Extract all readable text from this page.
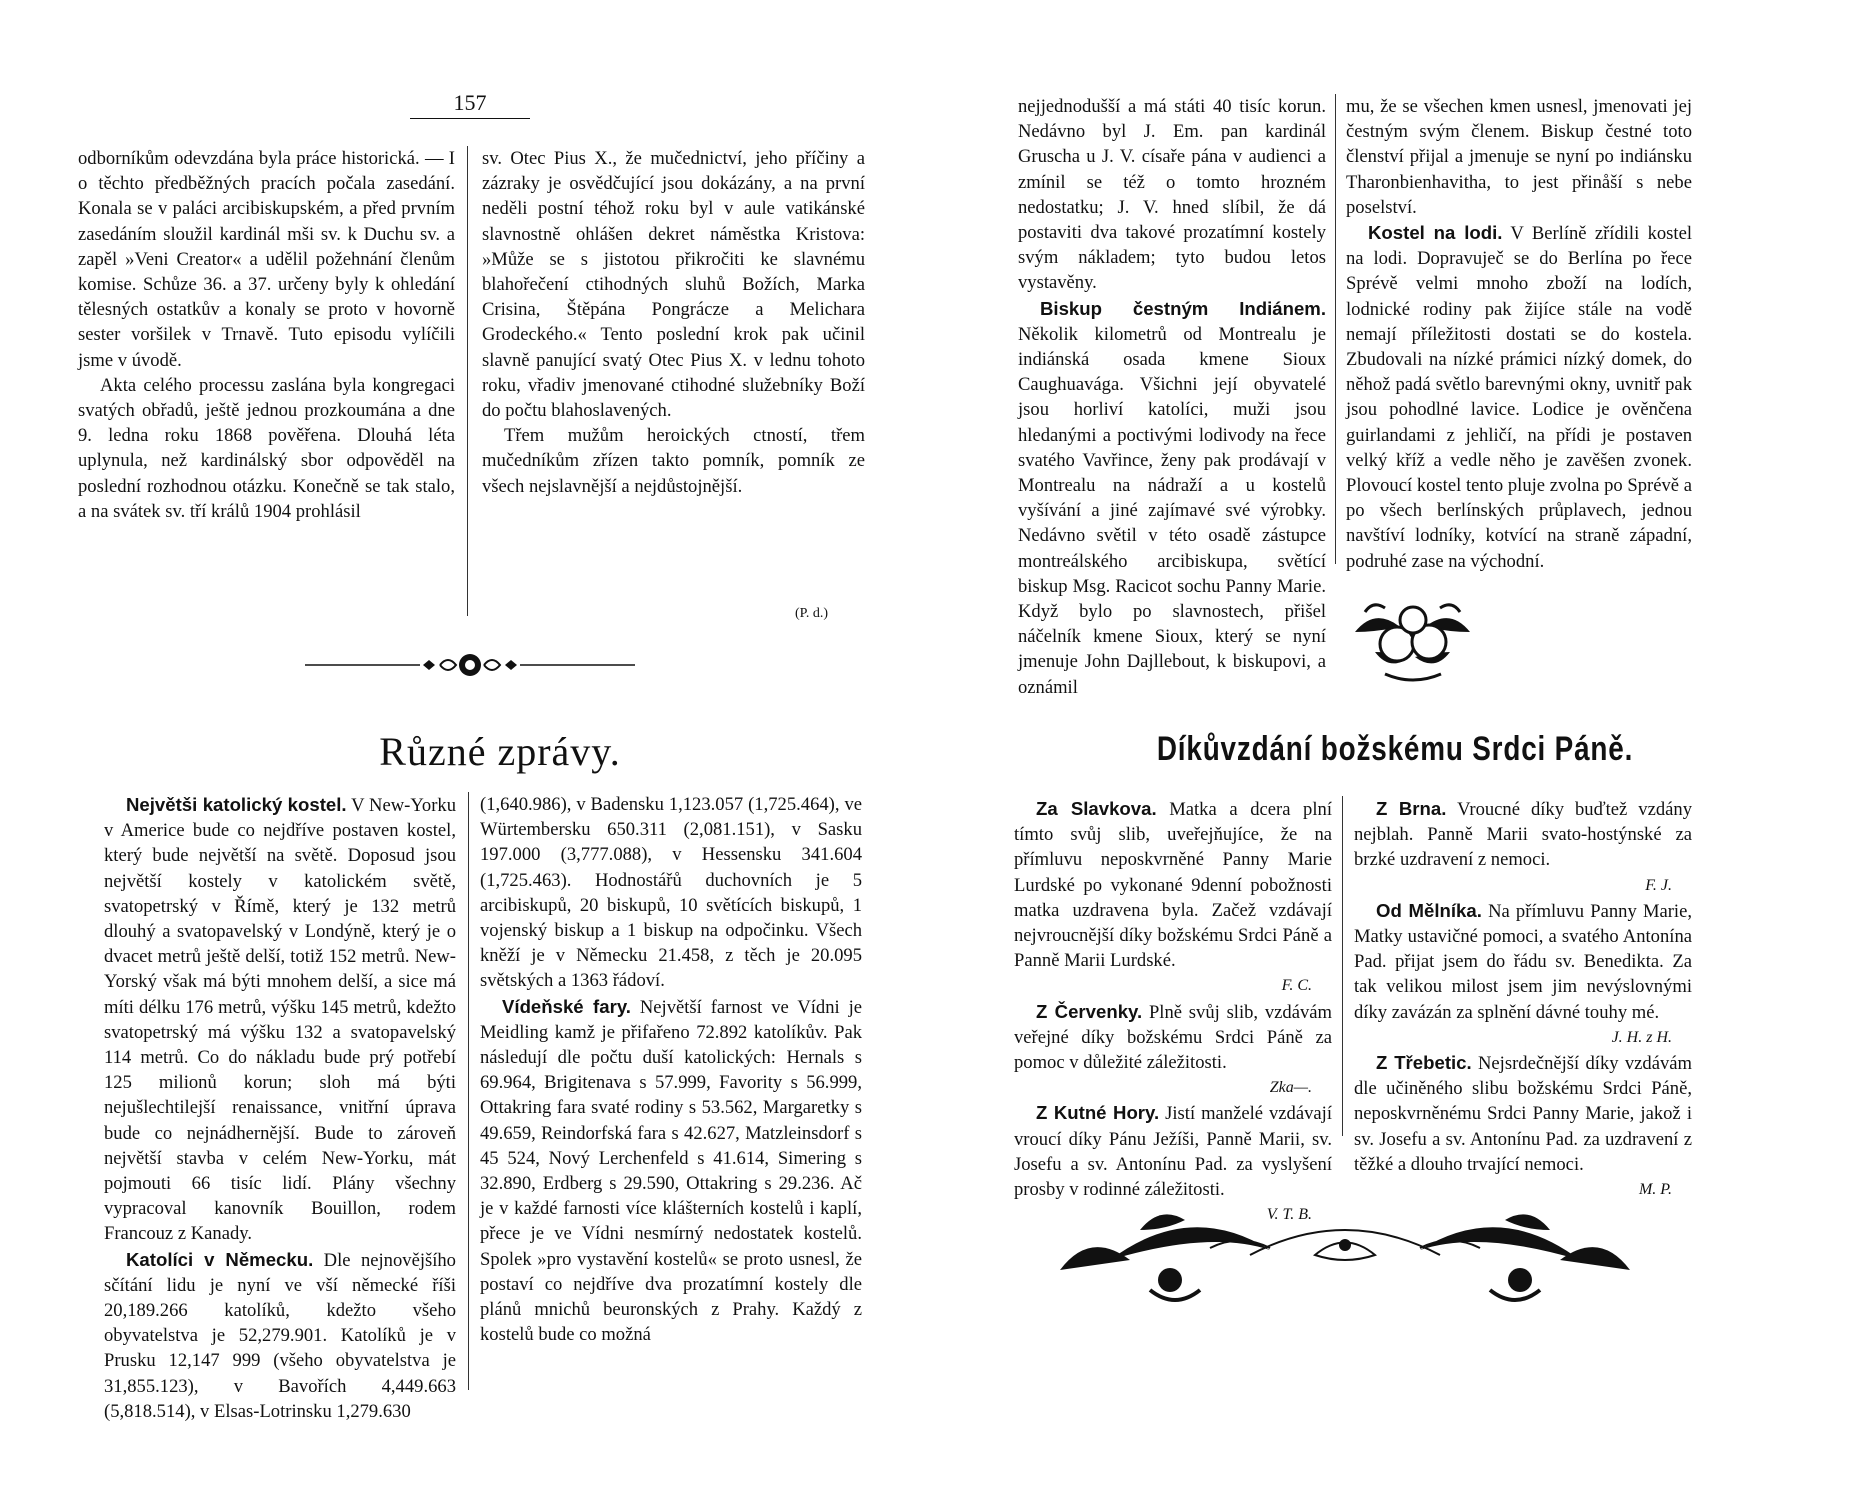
157

odborníkům odevzdána byla práce historická. — I o těchto předběžných pracích počala zasedání. Konala se v paláci arcibiskupském, a před prvním zasedáním sloužil kardinál mši sv. k Duchu sv. a zapěl »Veni Creator« a udělil požehnání členům komise. Schůze 36. a 37. určeny byly k ohledání tělesných ostatkův a konaly se proto v hovorně sester voršilek v Trnavě. Tuto episodu vylíčili jsme v úvodě.

Akta celého processu zaslána byla kongregaci svatých obřadů, ještě jednou prozkoumána a dne 9. ledna roku 1868 pověřena. Dlouhá léta uplynula, než kardinálský sbor odpověděl na poslední rozhodnou otázku. Konečně se tak stalo, a na svátek sv. tří králů 1904 prohlásil

sv. Otec Pius X., že mučednictví, jeho příčiny a zázraky je osvědčující jsou dokázány, a na první neděli postní téhož roku byl v aule vatikánské slavnostně ohlášen dekret náměstka Kristova: »Může se s jistotou přikročiti ke slavnému blahořečení ctihodných sluhů Božích, Marka Crisina, Štěpána Pongrácze a Melichara Grodeckého.« Tento poslední krok pak učinil slavně panující svatý Otec Pius X. v lednu tohoto roku, vřadiv jmenované ctihodné služebníky Boží do počtu blahoslavených.

Třem mužům heroických ctností, třem mučedníkům zřízen takto pomník, pomník ze všech nejslavnější a nejdůstojnější.

(P. d.)
Různé zprávy.

Největši katolický kostel. V New-Yorku v Americe bude co nejdříve postaven kostel, který bude největší na světě. Doposud jsou největší kostely v katolickém světě, svatopetrský v Římě, který je 132 metrů dlouhý a svatopavelský v Londýně, který je o dvacet metrů ještě delší, totiž 152 metrů. New-Yorský však má býti mnohem delší, a sice má míti délku 176 metrů, výšku 145 metrů, kdežto svatopetrský má výšku 132 a svatopavelský 114 metrů. Co do nákladu bude prý potřebí 125 milionů korun; sloh má býti nejušlechtilejší renaissance, vnitřní úprava bude co nejnádhernější. Bude to zároveň největší stavba v celém New-Yorku, mát pojmouti 66 tisíc lidí. Plány všechny vypracoval kanovník Bouillon, rodem Francouz z Kanady.

Katolíci v Německu. Dle nejnovějšího sčítání lidu je nyní ve vší německé říši 20,189.266 katolíků, kdežto všeho obyvatelstva je 52,279.901. Katolíků je v Prusku 12,147 999 (všeho obyvatelstva je 31,855.123), v Bavořích 4,449.663 (5,818.514), v Elsas-Lotrinsku 1,279.630

(1,640.986), v Badensku 1,123.057 (1,725.464), ve Würtembersku 650.311 (2,081.151), v Sasku 197.000 (3,777.088), v Hessensku 341.604 (1,725.463). Hodnostářů duchovních je 5 arcibiskupů, 20 biskupů, 10 světících biskupů, 1 vojenský biskup a 1 biskup na odpočinku. Všech kněží je v Německu 21.458, z těch je 20.095 světských a 1363 řádoví.

Vídeňské fary. Největší farnost ve Vídni je Meidling kamž je přifařeno 72.892 katolíkův. Pak následují dle počtu duší katolických: Hernals s 69.964, Brigitenava s 57.999, Favority s 56.999, Ottakring fara svaté rodiny s 53.562, Margaretky s 49.659, Reindorfská fara s 42.627, Matzleinsdorf s 45 524, Nový Lerchenfeld s 41.614, Simering s 32.890, Erdberg s 29.590, Ottakring s 29.236. Ač je v každé farnosti více klášterních kostelů i kaplí, přece je ve Vídni nesmírný nedostatek kostelů. Spolek »pro vystavění kostelů« se proto usnesl, že postaví co nejdříve dva prozatímní kostely dle plánů mnichů beuronských z Prahy. Každý z kostelů bude co možná

nejjednodušší a má státi 40 tisíc korun. Nedávno byl J. Em. pan kardinál Gruscha u J. V. císaře pána v audienci a zmínil se též o tomto hrozném nedostatku; J. V. hned slíbil, že dá postaviti dva takové prozatímní kostely svým nákladem; tyto budou letos vystavěny.

Biskup čestným Indiánem. Několik kilometrů od Montrealu je indiánská osada kmene Sioux Caughuavága. Všichni její obyvatelé jsou horliví katolíci, muži jsou hledanými a poctivými lodivody na řece svatého Vavřince, ženy pak prodávají v Montrealu na nádraží a u kostelů vyšívání a jiné zajímavé své výrobky. Nedávno světil v této osadě zástupce montreálského arcibiskupa, světící biskup Msg. Racicot sochu Panny Marie. Když bylo po slavnostech, přišel náčelník kmene Sioux, který se nyní jmenuje John Dajllebout, k biskupovi, a oznámil

mu, že se všechen kmen usnesl, jmenovati jej čestným svým členem. Biskup čestné toto členství přijal a jmenuje se nyní po indiánsku Tharonbienhavitha, to jest přinåší s nebe poselství.

Kostel na lodi. V Berlíně zřídili kostel na lodi. Dopravuječ se do Berlína po řece Sprévě velmi mnoho zboží na lodích, lodnické rodiny pak žijíce stále na vodě nemají příležitosti dostati se do kostela. Zbudovali na nízké prámici nízký domek, do něhož padá světlo barevnými okny, uvnitř pak jsou pohodlné lavice. Lodice je ověnčena guirlandami z jehličí, na přídi je postaven velký kříž a vedle něho je zavěšen zvonek. Plovoucí kostel tento pluje zvolna po Sprévě a po všech berlínských průplavech, jednou navštíví lodníky, kotvící na straně západní, podruhé zase na východní.

Díkůvzdání božskému Srdci Páně.

Za Slavkova. Matka a dcera plní tímto svůj slib, uveřejňujíce, že na přímluvu neposkvrněné Panny Marie Lurdské po vykonané 9denní pobožnosti matka uzdravena byla. Začež vzdávají nejvroucnější díky božskému Srdci Páně a Panně Marii Lurdské.
F. C.

Z Červenky. Plně svůj slib, vzdávám veřejné díky božskému Srdci Páně za pomoc v důležité záležitosti.
Zka—.

Z Kutné Hory. Jistí manželé vzdávají vroucí díky Pánu Ježíši, Panně Marii, sv. Josefu a sv. Antonínu Pad. za vyslyšení prosby v rodinné záležitosti.
V. T. B.

Z Brna. Vroucné díky buďtež vzdány nejblah. Panně Marii svato-hostýnské za brzké uzdravení z nemoci.
F. J.

Od Mělníka. Na přímluvu Panny Marie, Matky ustavičné pomoci, a svatého Antonína Pad. přijat jsem do řádu sv. Benedikta. Za tak velikou milost jsem jim nevýslovnými díky zavázán za splnění dávné touhy mé.
J. H. z H.

Z Třebetic. Nejsrdečnější díky vzdávám dle učiněného slibu božskému Srdci Páně, neposkvrněnému Srdci Panny Marie, jakož i sv. Josefu a sv. Antonínu Pad. za uzdravení z těžké a dlouho trvající nemoci.
M. P.
